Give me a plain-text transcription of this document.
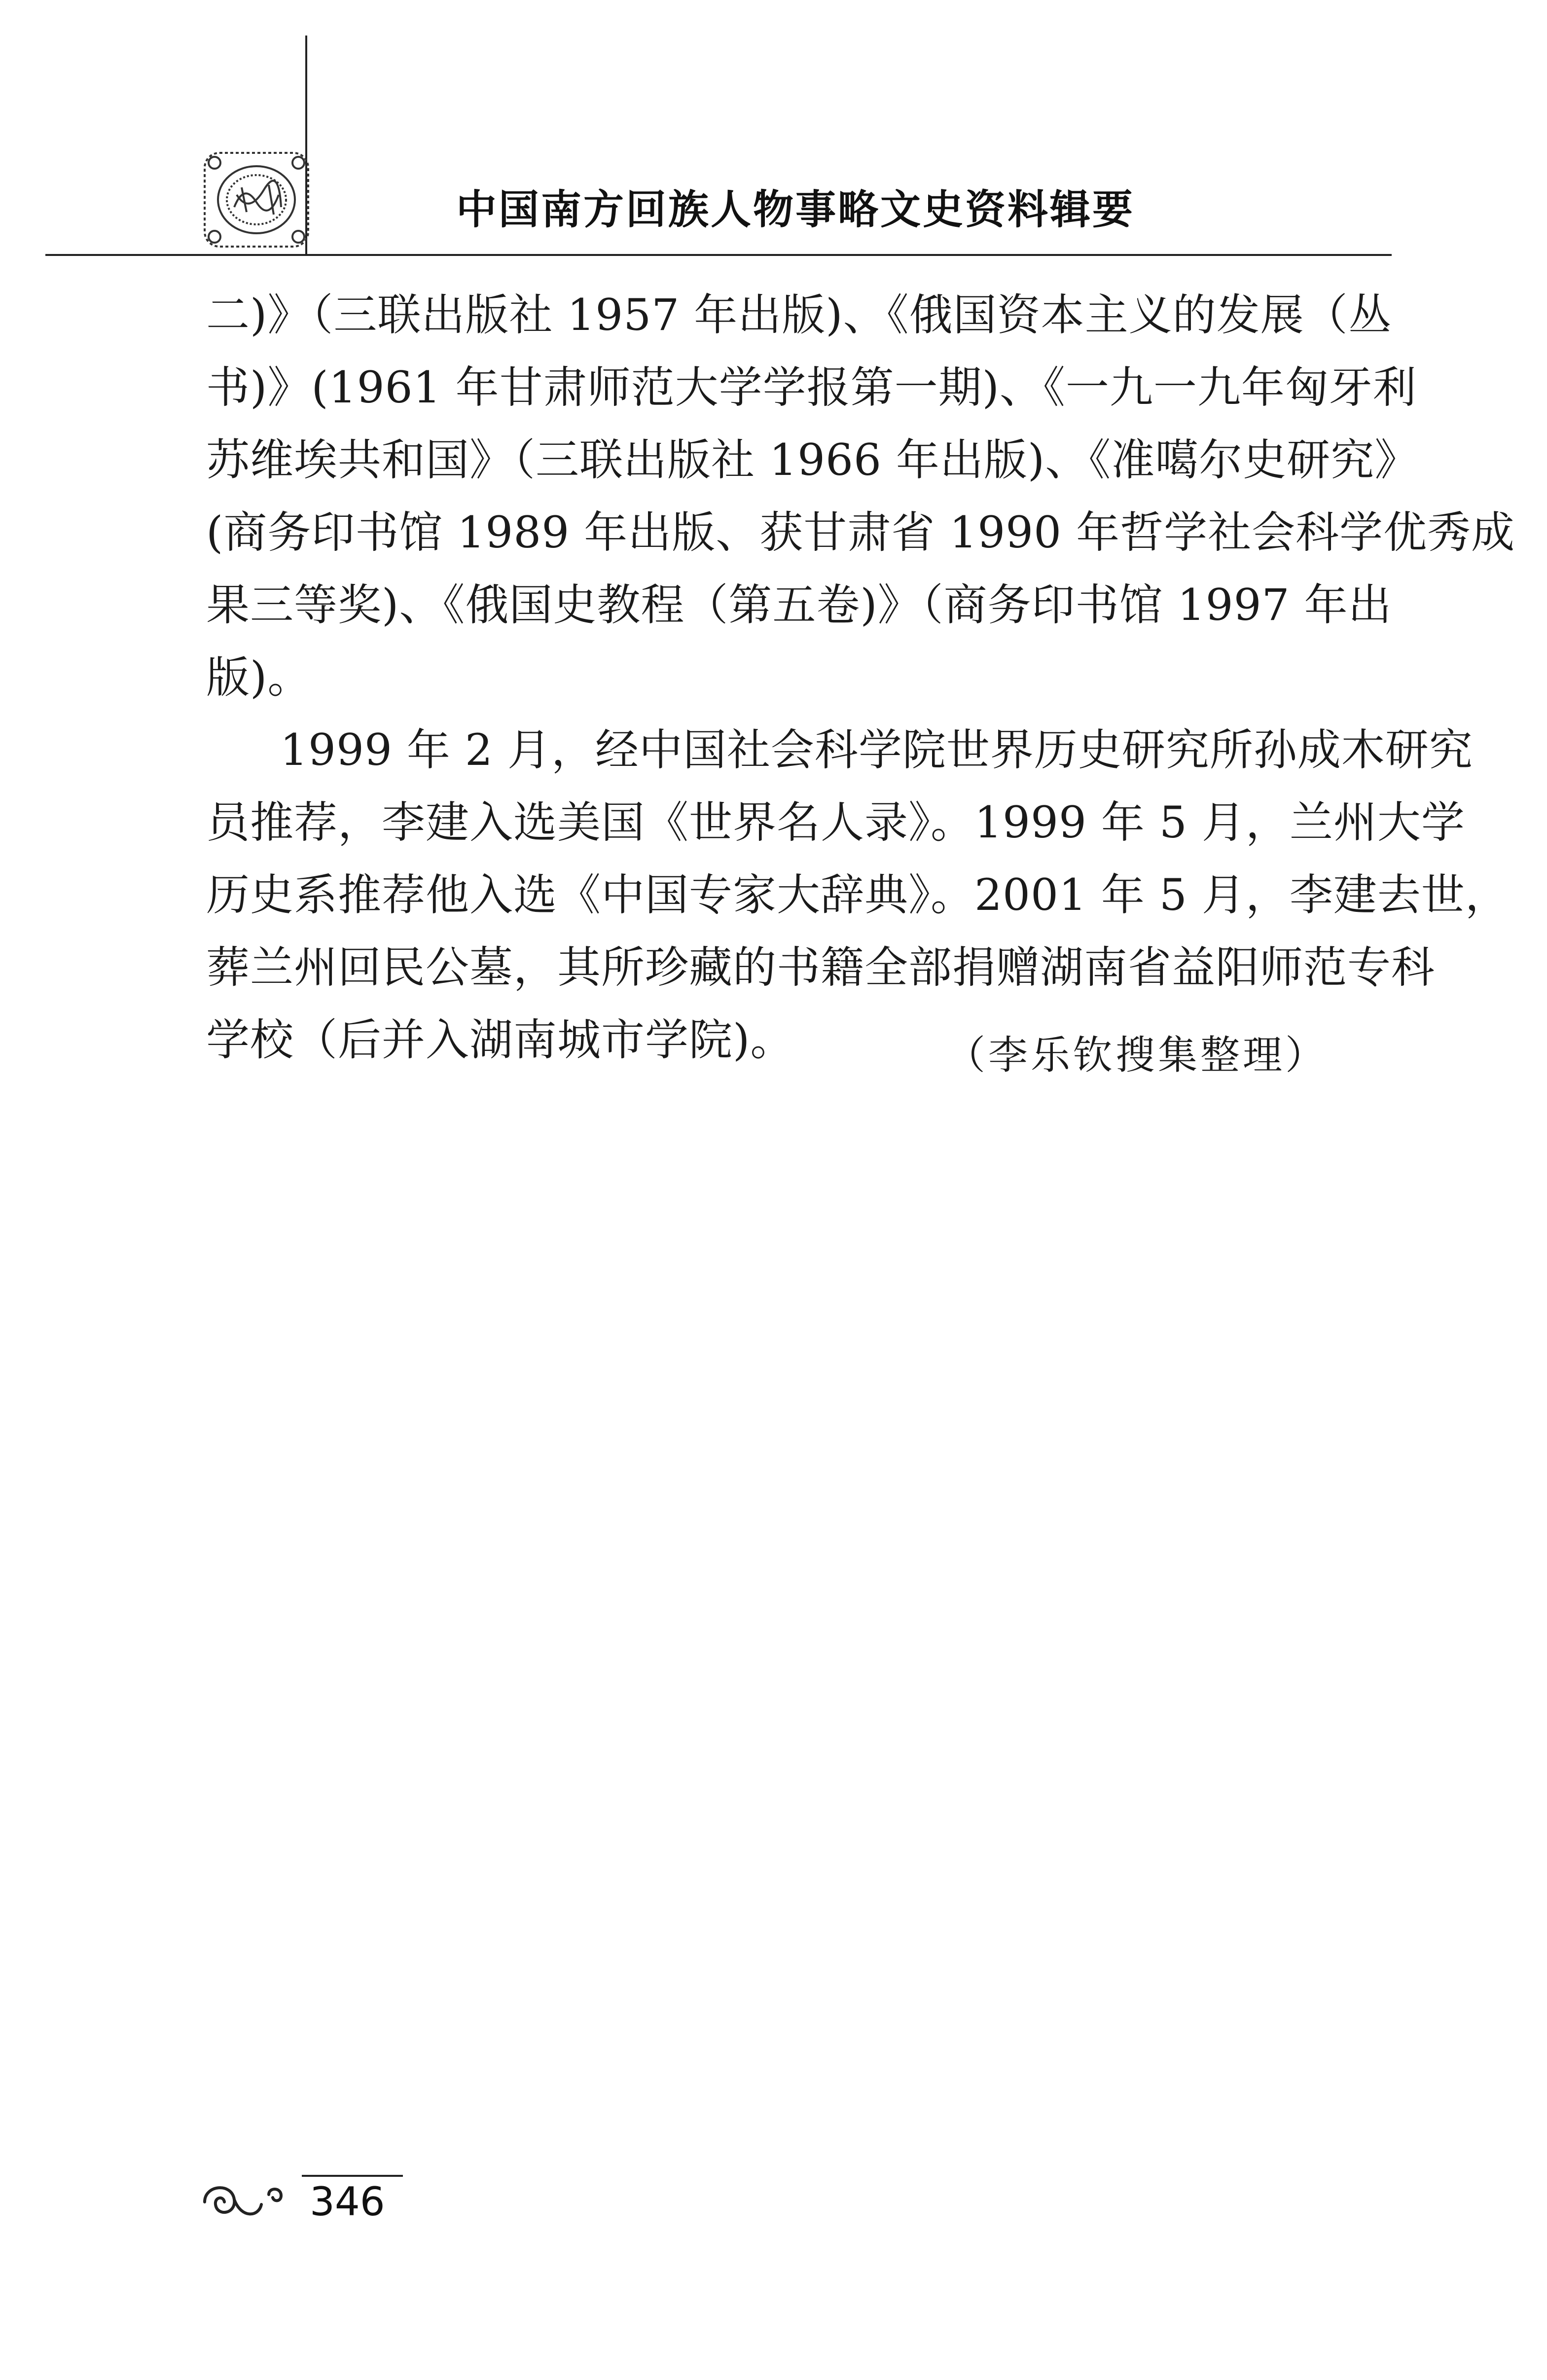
中国南方回族人物事略文史资料辑要
二)》（三联出版社 1957 年出版)、《俄国资本主义的发展（丛
书)》(1961 年甘肃师范大学学报第一期)、《一九一九年匈牙利
苏维埃共和国》（三联出版社 1966 年出版)、《准噶尔史研究》
(商务印书馆 1989 年出版、获甘肃省 1990 年哲学社会科学优秀成
果三等奖)、《俄国史教程（第五卷)》（商务印书馆 1997 年出
版)。
1999 年 2 月，经中国社会科学院世界历史研究所孙成木研究
员推荐，李建入选美国《世界名人录》。1999 年 5 月，兰州大学
历史系推荐他入选《中国专家大辞典》。2001 年 5 月，李建去世，
葬兰州回民公墓，其所珍藏的书籍全部捐赠湖南省益阳师范专科
学校（后并入湖南城市学院)。	（李乐钦搜集整理）
346
